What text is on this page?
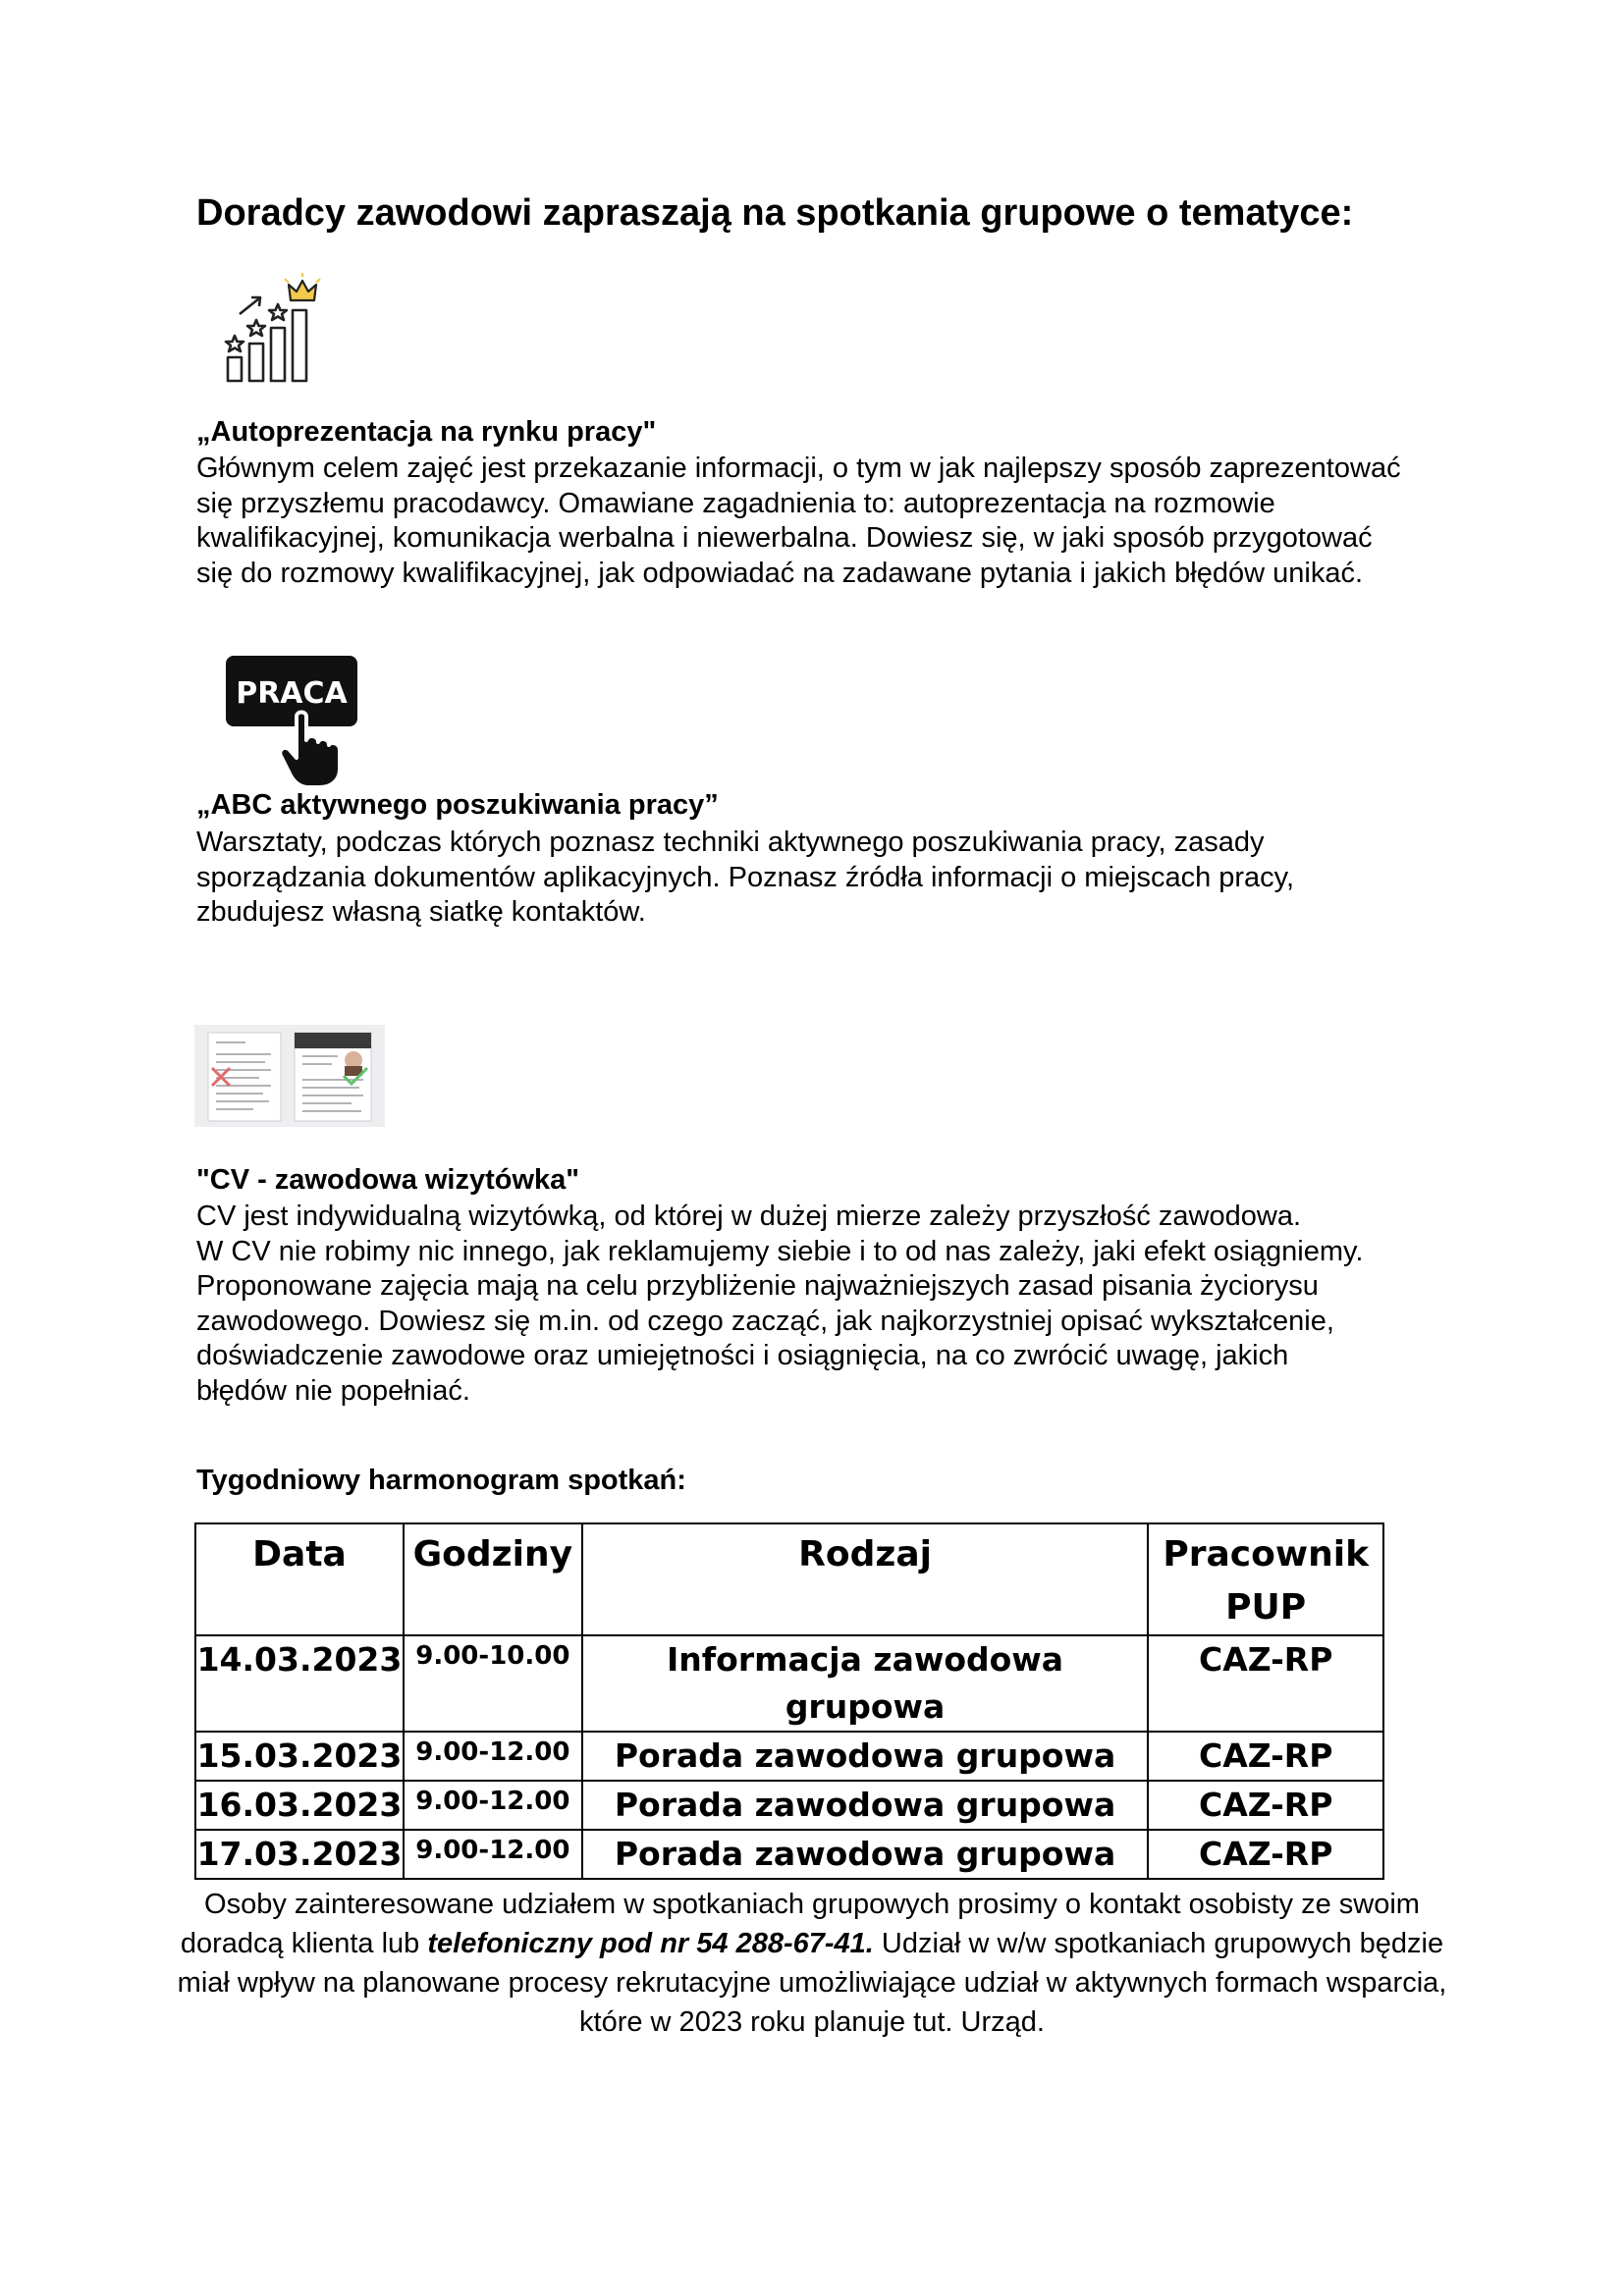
Doradcy zawodowi zapraszają na spotkania grupowe o tematyce:
„Autoprezentacja na rynku pracy"
Głównym celem zajęć jest przekazanie informacji, o tym w jak najlepszy sposób zaprezentować
się przyszłemu pracodawcy. Omawiane zagadnienia to: autoprezentacja na rozmowie
kwalifikacyjnej, komunikacja werbalna i niewerbalna. Dowiesz się, w jaki sposób przygotować
się do rozmowy kwalifikacyjnej, jak odpowiadać na zadawane pytania i jakich błędów unikać.
PRACA
„ABC aktywnego poszukiwania pracy”
Warsztaty, podczas których poznasz techniki aktywnego poszukiwania pracy, zasady
sporządzania dokumentów aplikacyjnych. Poznasz źródła informacji o miejscach pracy,
zbudujesz własną siatkę kontaktów.
"CV - zawodowa wizytówka"
CV jest indywidualną wizytówką, od której w dużej mierze zależy przyszłość zawodowa.
W CV nie robimy nic innego, jak reklamujemy siebie i to od nas zależy, jaki efekt osiągniemy.
Proponowane zajęcia mają na celu przybliżenie najważniejszych zasad pisania życiorysu
zawodowego. Dowiesz się m.in. od czego zacząć, jak najkorzystniej opisać wykształcenie,
doświadczenie zawodowe oraz umiejętności i osiągnięcia, na co zwrócić uwagę, jakich
błędów nie popełniać.
Tygodniowy harmonogram spotkań:
Data	Godziny	Rodzaj	Pracownik PUP
14.03.2023	9.00-10.00	Informacja zawodowa grupowa	CAZ-RP
15.03.2023	9.00-12.00	Porada zawodowa grupowa	CAZ-RP
16.03.2023	9.00-12.00	Porada zawodowa grupowa	CAZ-RP
17.03.2023	9.00-12.00	Porada zawodowa grupowa	CAZ-RP
Osoby zainteresowane udziałem w spotkaniach grupowych prosimy o kontakt osobisty ze swoim doradcą klienta lub telefoniczny pod nr 54 288-67-41. Udział w w/w spotkaniach grupowych będzie miał wpływ na planowane procesy rekrutacyjne umożliwiające udział w aktywnych formach wsparcia, które w 2023 roku planuje tut. Urząd.
